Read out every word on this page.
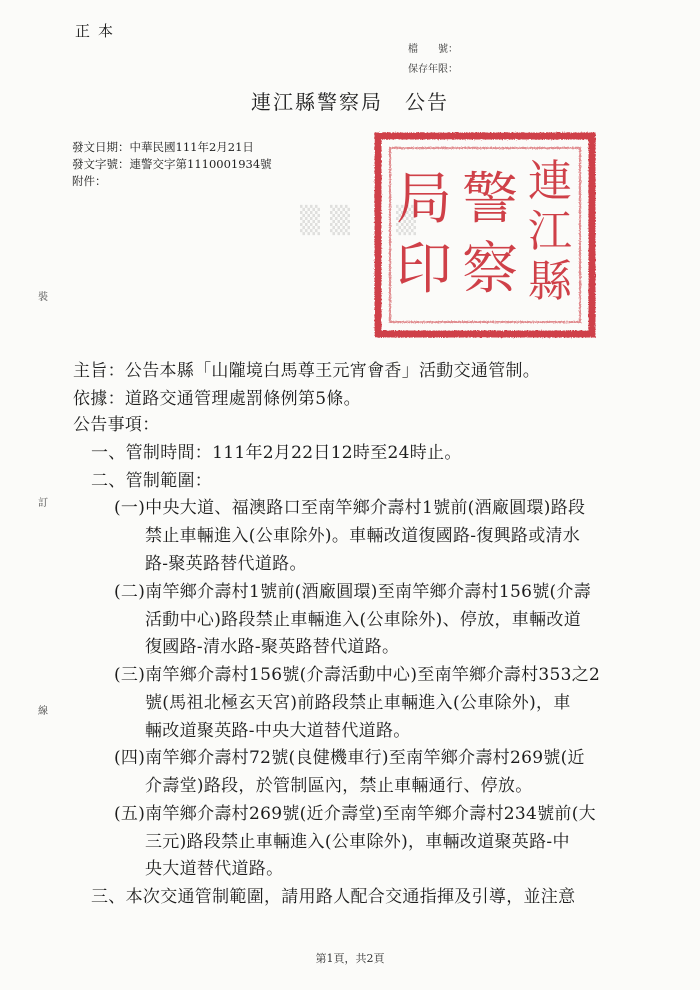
正本
檔　　號：
保存年限：
連江縣警察局　公告
發文日期：中華民國111年2月21日
發文字號：連警交字第1110001934號
附件：
▒▒　▒
連
江
縣
警
察
局
印
裝
訂
線
主旨：公告本縣「山隴境白馬尊王元宵會香」活動交通管制。
依據：道路交通管理處罰條例第5條。
公告事項：
一、管制時間：111年2月22日12時至24時止。
二、管制範圍：
(一)中央大道、福澳路口至南竿鄉介壽村1號前(酒廠圓環)路段
禁止車輛進入(公車除外)。車輛改道復國路-復興路或清水
路-聚英路替代道路。
(二)南竿鄉介壽村1號前(酒廠圓環)至南竿鄉介壽村156號(介壽
活動中心)路段禁止車輛進入(公車除外)、停放，車輛改道
復國路-清水路-聚英路替代道路。
(三)南竿鄉介壽村156號(介壽活動中心)至南竿鄉介壽村353之2
號(馬祖北極玄天宮)前路段禁止車輛進入(公車除外)，車
輛改道聚英路-中央大道替代道路。
(四)南竿鄉介壽村72號(良健機車行)至南竿鄉介壽村269號(近
介壽堂)路段，於管制區內，禁止車輛通行、停放。
(五)南竿鄉介壽村269號(近介壽堂)至南竿鄉介壽村234號前(大
三元)路段禁止車輛進入(公車除外)，車輛改道聚英路-中
央大道替代道路。
三、本次交通管制範圍，請用路人配合交通指揮及引導，並注意
第1頁，共2頁
